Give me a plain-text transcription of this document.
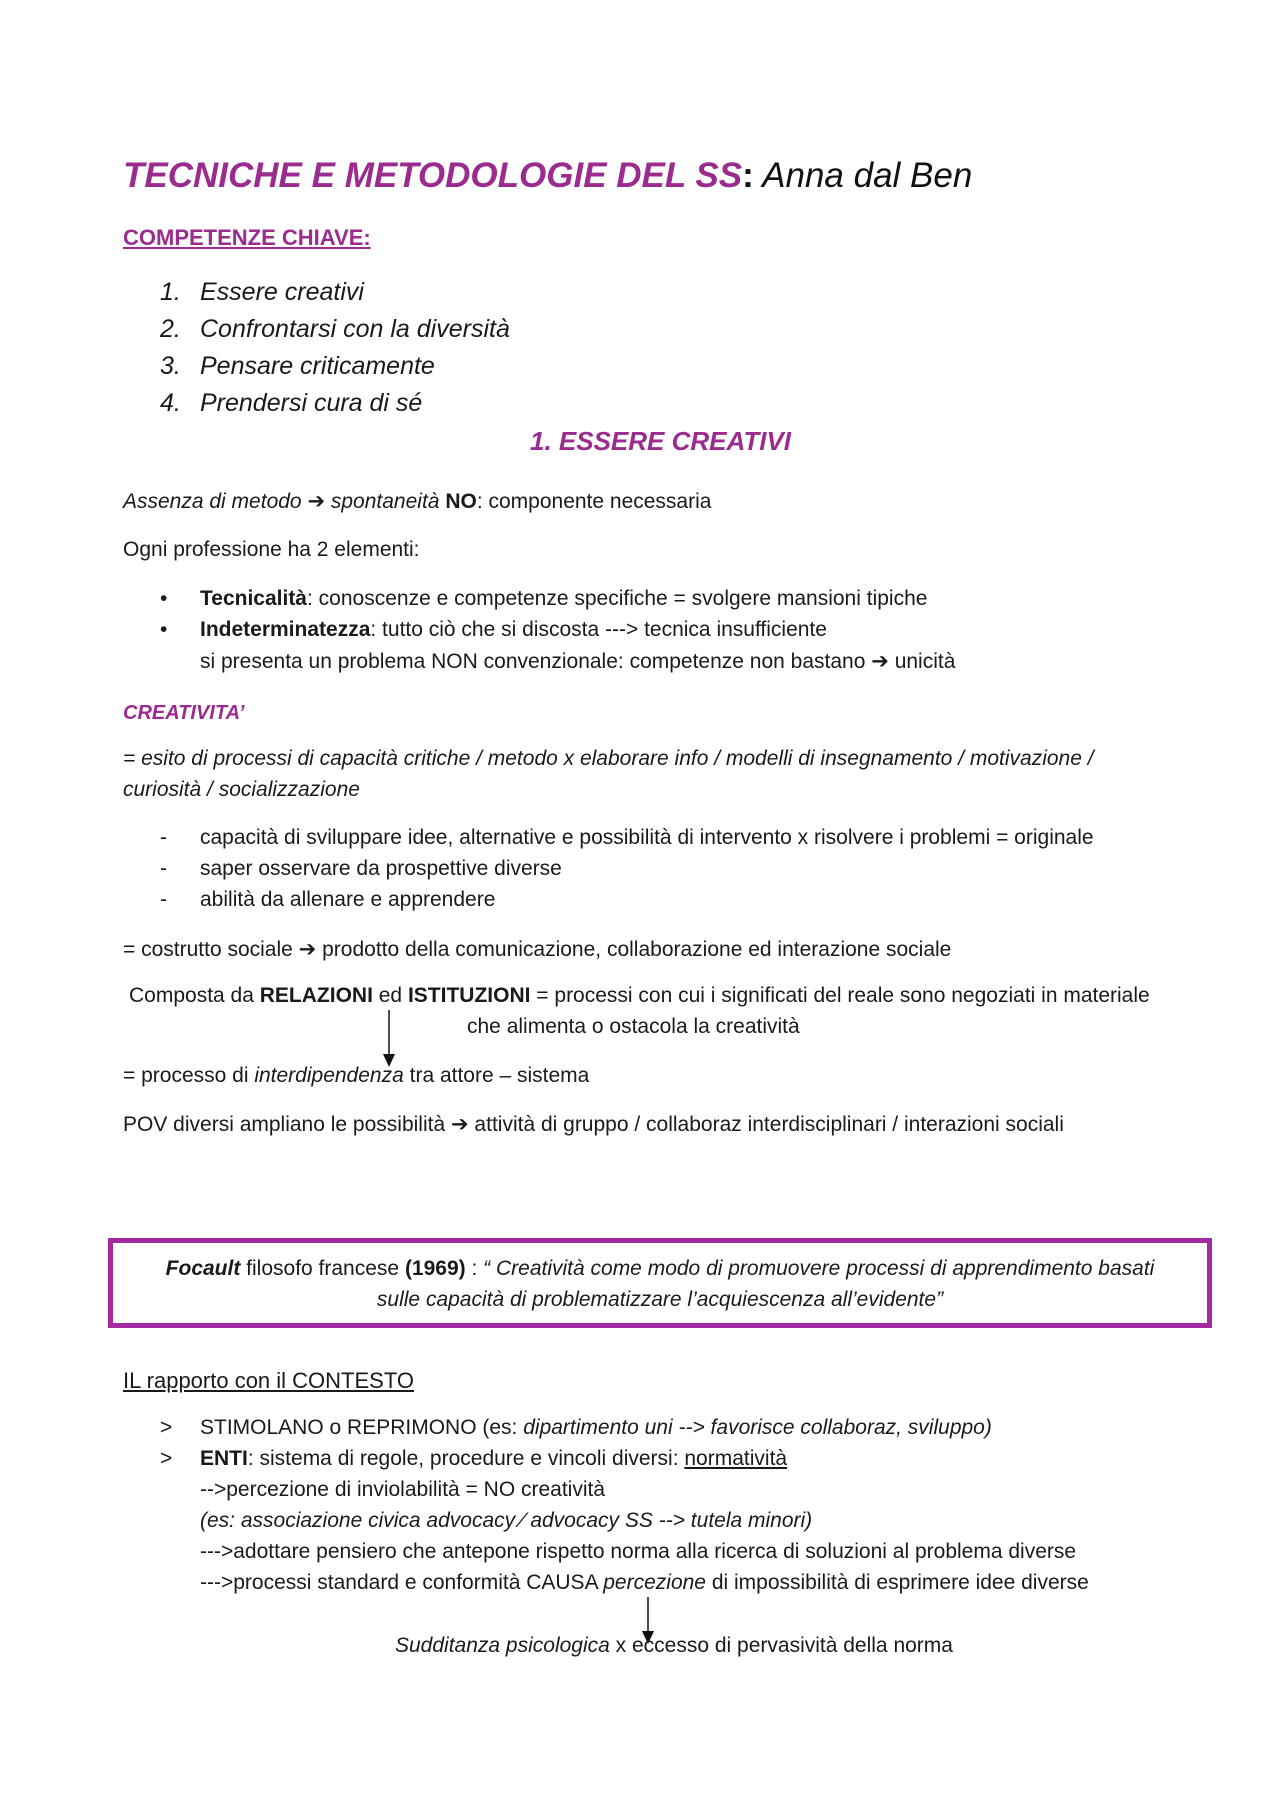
TECNICHE E METODOLOGIE DEL SS: Anna dal Ben

COMPETENZE CHIAVE:

1. Essere creativi

2. Confrontarsi con la diversità

3. Pensare criticamente

4. Prendersi cura di sé

1. ESSERE CREATIVI

Assenza di metodo ➔ spontaneità NO: componente necessaria

Ogni professione ha 2 elementi:

• Tecnicalità: conoscenze e competenze specifiche = svolgere mansioni tipiche

• Indeterminatezza: tutto ciò che si discosta ---> tecnica insufficiente

si presenta un problema NON convenzionale: competenze non bastano ➔ unicità

CREATIVITA’

= esito di processi di capacità critiche / metodo x elaborare info / modelli di insegnamento / motivazione /

curiosità / socializzazione

- capacità di sviluppare idee, alternative e possibilità di intervento x risolvere i problemi = originale

- saper osservare da prospettive diverse

- abilità da allenare e apprendere

= costrutto sociale ➔ prodotto della comunicazione, collaborazione ed interazione sociale

Composta da RELAZIONI ed ISTITUZIONI = processi con cui i significati del reale sono negoziati in materiale

che alimenta o ostacola la creatività

= processo di interdipendenza tra attore – sistema

POV diversi ampliano le possibilità ➔ attività di gruppo / collaboraz interdisciplinari / interazioni sociali

Focault filosofo francese (1969) : “ Creatività come modo di promuovere processi di apprendimento basati
sulle capacità di problematizzare l’acquiescenza all’evidente”

IL rapporto con il CONTESTO

> STIMOLANO o REPRIMONO (es: dipartimento uni --> favorisce collaboraz, sviluppo)

> ENTI: sistema di regole, procedure e vincoli diversi: normatività

-->percezione di inviolabilità = NO creatività

(es: associazione civica advocacy ⁄ advocacy SS --> tutela minori)

--->adottare pensiero che antepone rispetto norma alla ricerca di soluzioni al problema diverse

--->processi standard e conformità CAUSA percezione di impossibilità di esprimere idee diverse

Sudditanza psicologica x eccesso di pervasività della norma
